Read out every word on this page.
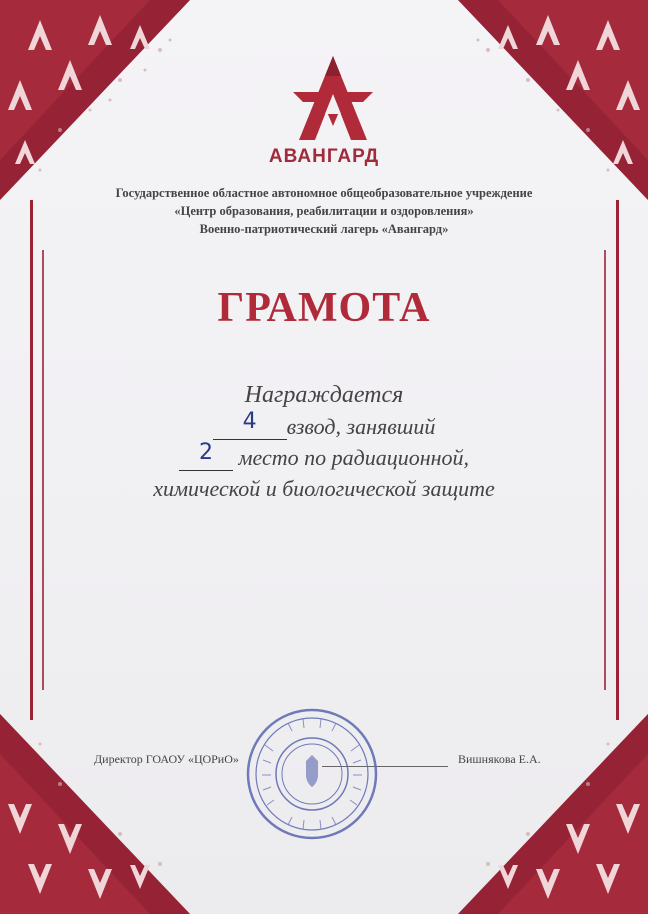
АВАНГАРД
Государственное областное автономное общеобразовательное учреждение
«Центр образования, реабилитации и оздоровления»
Военно-патриотический лагерь «Авангард»
ГРАМОТА
Награждается
4 взвод, занявший
2 место по радиационной,
химической и биологической защите
Директор ГОАОУ «ЦОРиО»	Вишнякова Е.А.
